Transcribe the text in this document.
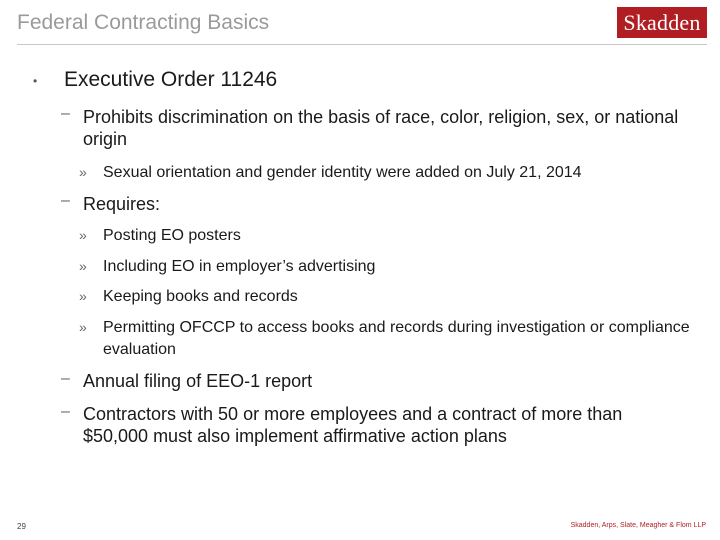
Federal Contracting Basics	Skadden
• Executive Order 11246
– Prohibits discrimination on the basis of race, color, religion, sex, or national origin
» Sexual orientation and gender identity were added on July 21, 2014
– Requires:
» Posting EO posters
» Including EO in employer’s advertising
» Keeping books and records
» Permitting OFCCP to access books and records during investigation or compliance evaluation
– Annual filing of EEO-1 report
– Contractors with 50 or more employees and a contract of more than $50,000 must also implement affirmative action plans
29	Skadden, Arps, Slate, Meagher & Flom LLP
